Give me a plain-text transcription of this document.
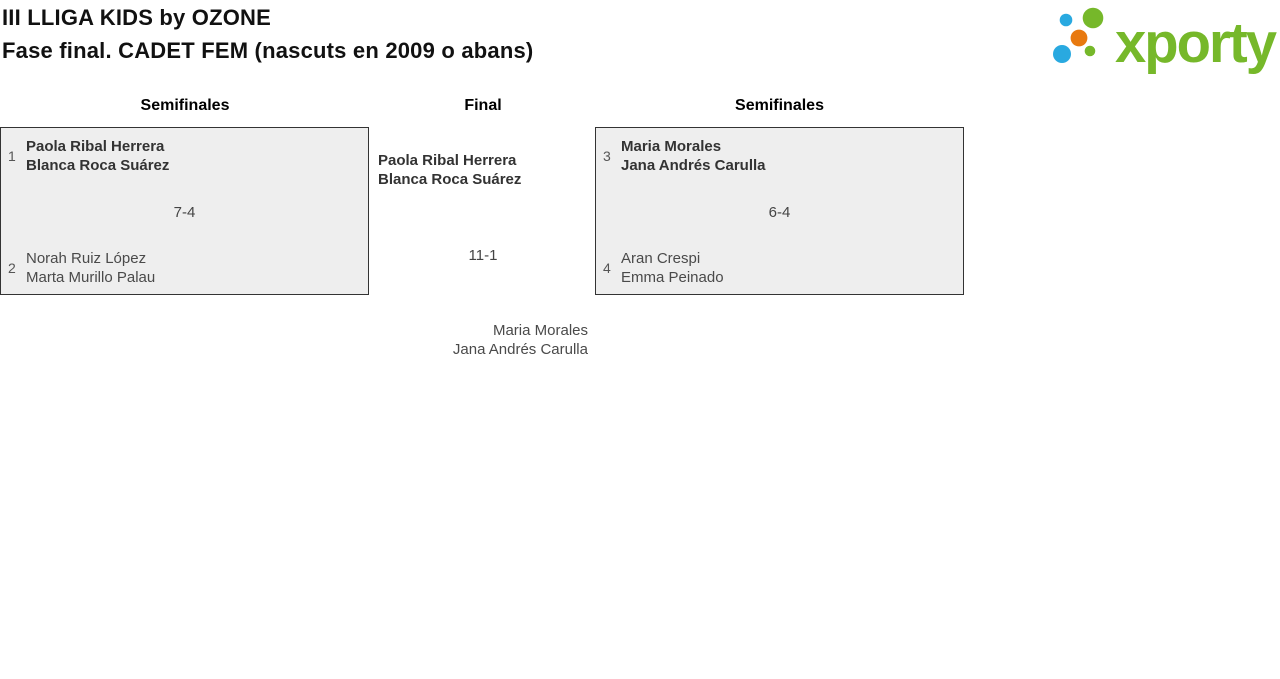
III LLIGA KIDS by OZONE
Fase final. CADET FEM (nascuts en 2009 o abans)	xporty
Semifinales	Final	Semifinales
1
Paola Ribal Herrera
Blanca Roca Suárez
7-4
2
Norah Ruiz López
Marta Murillo Palau
Paola Ribal Herrera
Blanca Roca Suárez
11-1
Maria Morales
Jana Andrés Carulla
3
Maria Morales
Jana Andrés Carulla
6-4
4
Aran Crespi
Emma Peinado
